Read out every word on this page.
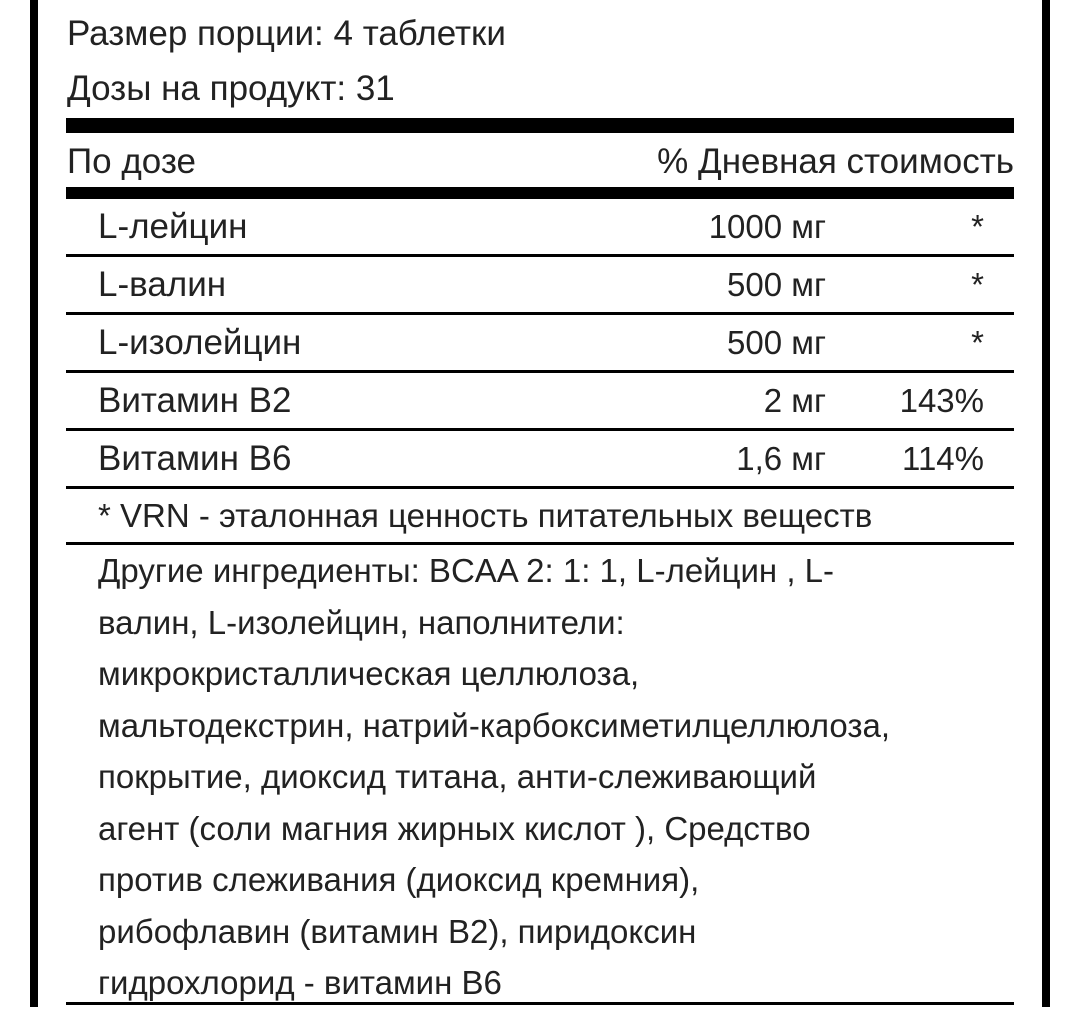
Размер порции: 4 таблетки
Дозы на продукт: 31
По дозе	% Дневная стоимость
L-лейцин	1000 мг	*
L-валин	500 мг	*
L-изолейцин	500 мг	*
Витамин B2	2 мг 143%
Витамин B6	1,6 мг 114%
* VRN - эталонная ценность питательных веществ
Другие ингредиенты: BCAA 2: 1: 1, L-лейцин , L-
валин, L-изолейцин, наполнители:
микрокристаллическая целлюлоза,
мальтодекстрин, натрий-карбоксиметилцеллюлоза,
покрытие, диоксид титана, анти-слеживающий
агент (соли магния жирных кислот ), Средство
против слеживания (диоксид кремния),
рибофлавин (витамин B2), пиридоксин
гидрохлорид - витамин B6
